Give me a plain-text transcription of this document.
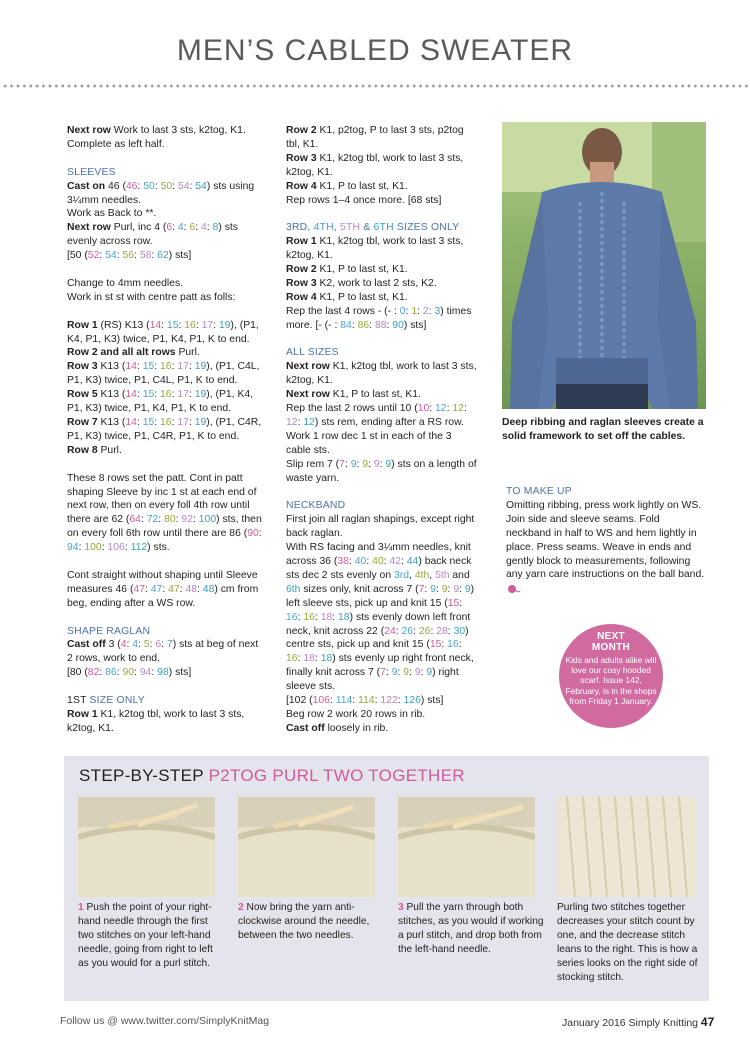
MEN’S CABLED SWEATER

Next row Work to last 3 sts, k2tog, K1. Complete as left half.

SLEEVES

Cast on 46 (46: 50: 50: 54: 54) sts using 3¼mm needles.

Work as Back to **.

Next row Purl, inc 4 (6: 4: 6: 4: 8) sts evenly across row.

[50 (52: 54: 56: 58: 62) sts]

Change to 4mm needles.

Work in st st with centre patt as folls:

Row 1 (RS) K13 (14: 15: 16: 17: 19), (P1, K4, P1, K3) twice, P1, K4, P1, K to end.

Row 2 and all alt rows Purl.

Row 3 K13 (14: 15: 16: 17: 19), (P1, C4L, P1, K3) twice, P1, C4L, P1, K to end.

Row 5 K13 (14: 15: 16: 17: 19), (P1, K4, P1, K3) twice, P1, K4, P1, K to end.

Row 7 K13 (14: 15: 16: 17: 19), (P1, C4R, P1, K3) twice, P1, C4R, P1, K to end.

Row 8 Purl.

These 8 rows set the patt. Cont in patt shaping Sleeve by inc 1 st at each end of next row, then on every foll 4th row until there are 62 (64: 72: 80: 92: 100) sts, then on every foll 6th row until there are 86 (90: 94: 100: 106: 112) sts.

Cont straight without shaping until Sleeve measures 46 (47: 47: 47: 48: 48) cm from beg, ending after a WS row.

SHAPE RAGLAN

Cast off 3 (4: 4: 5: 6: 7) sts at beg of next 2 rows, work to end.

[80 (82: 86: 90: 94: 98) sts]

1ST SIZE ONLY

Row 1 K1, k2tog tbl, work to last 3 sts, k2tog, K1.

Row 2 K1, p2tog, P to last 3 sts, p2tog tbl, K1.

Row 3 K1, k2tog tbl, work to last 3 sts, k2tog, K1.

Row 4 K1, P to last st, K1.

Rep rows 1–4 once more. [68 sts]

3RD, 4TH, 5TH & 6TH SIZES ONLY

Row 1 K1, k2tog tbl, work to last 3 sts, k2tog, K1.

Row 2 K1, P to last st, K1.

Row 3 K2, work to last 2 sts, K2.

Row 4 K1, P to last st, K1.

Rep the last 4 rows - (- : 0: 1: 2: 3) times more. [- (- : 84: 86: 88: 90) sts]

ALL SIZES

Next row K1, k2tog tbl, work to last 3 sts, k2tog, K1.

Next row K1, P to last st, K1.

Rep the last 2 rows until 10 (10: 12: 12: 12: 12) sts rem, ending after a RS row.

Work 1 row dec 1 st in each of the 3 cable sts.

Slip rem 7 (7: 9: 9: 9: 9) sts on a length of waste yarn.

NECKBAND

First join all raglan shapings, except right back raglan.

With RS facing and 3¼mm needles, knit across 36 (38: 40: 40: 42: 44) back neck sts dec 2 sts evenly on 3rd, 4th, 5th and 6th sizes only, knit across 7 (7: 9: 9: 9: 9) left sleeve sts, pick up and knit 15 (15: 16: 16: 18: 18) sts evenly down left front neck, knit across 22 (24: 26: 26: 28: 30) centre sts, pick up and knit 15 (15: 16: 16: 18: 18) sts evenly up right front neck, finally knit across 7 (7: 9: 9: 9: 9) right sleeve sts.

[102 (106: 114: 114: 122: 126) sts]

Beg row 2 work 20 rows in rib.

Cast off loosely in rib.

Deep ribbing and raglan sleeves create a solid framework to set off the cables.

TO MAKE UP

Omitting ribbing, press work lightly on WS. Join side and sleeve seams. Fold neckband in half to WS and hem lightly in place. Press seams. Weave in ends and gently block to measurements, following any yarn care instructions on the ball band.

NEXT
MONTH
Kids and adults alike will love our cosy hooded scarf. Issue 142, February, is in the shops from Friday 1 January.
STEP-BY-STEP P2TOG PURL TWO TOGETHER

1 Push the point of your right-hand needle through the first two stitches on your left-hand needle, going from right to left as you would for a purl stitch.

2 Now bring the yarn anti-clockwise around the needle, between the two needles.

3 Pull the yarn through both stitches, as you would if working a purl stitch, and drop both from the left-hand needle.

Purling two stitches together decreases your stitch count by one, and the decrease stitch leans to the right. This is how a series looks on the right side of stocking stitch.

Follow us @ www.twitter.com/SimplyKnitMag	January 2016 Simply Knitting 47
